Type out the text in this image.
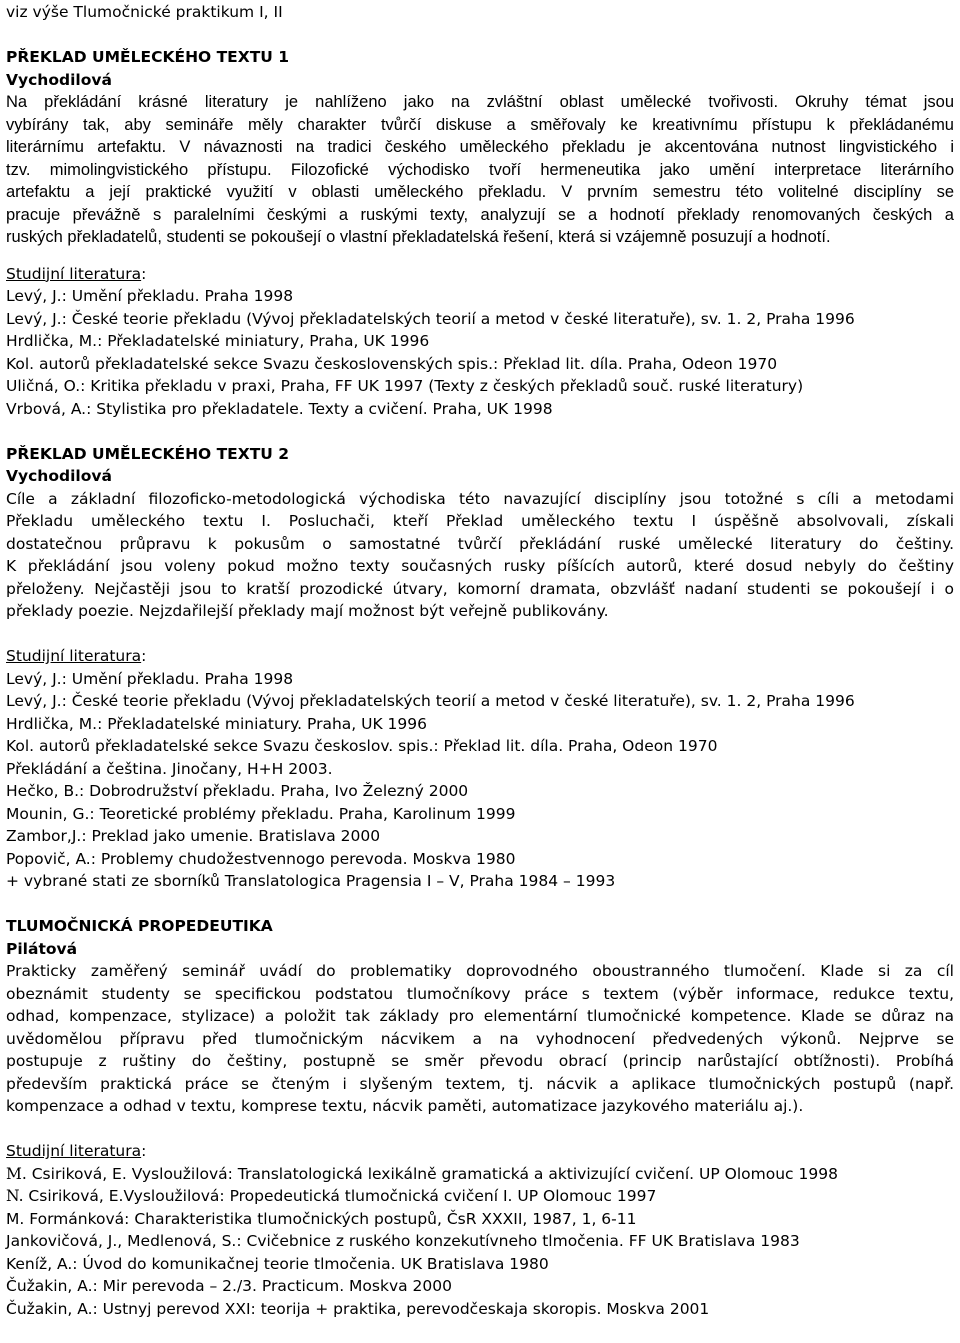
viz výše Tlumočnické praktikum I, II

PŘEKLAD UMĚLECKÉHO TEXTU 1

Vychodilová

Na překládání krásné literatury je nahlíženo jako na zvláštní oblast umělecké tvořivosti. Okruhy témat jsou

vybírány tak, aby semináře měly charakter tvůrčí diskuse a směřovaly ke kreativnímu přístupu k překládanému

literárnímu artefaktu. V návaznosti na tradici českého uměleckého překladu je akcentována nutnost lingvistického i

tzv. mimolingvistického přístupu. Filozofické východisko tvoří hermeneutika jako umění interpretace literárního

artefaktu a její praktické využití v oblasti uměleckého překladu. V prvním semestru této volitelné disciplíny se

pracuje převážně s paralelními českými a ruskými texty, analyzují se a hodnotí překlady renomovaných českých a

ruských překladatelů, studenti se pokoušejí o vlastní překladatelská řešení, která si vzájemně posuzují a hodnotí.

Studijní literatura:

Levý, J.: Umění překladu. Praha 1998

Levý, J.: České teorie překladu (Vývoj překladatelských teorií a metod v české literatuře), sv. 1. 2, Praha 1996

Hrdlička, M.: Překladatelské miniatury, Praha, UK 1996

Kol. autorů překladatelské sekce Svazu československých spis.: Překlad lit. díla. Praha, Odeon 1970

Uličná, O.: Kritika překladu v praxi, Praha, FF UK 1997 (Texty z českých překladů souč. ruské literatury)

Vrbová, A.: Stylistika pro překladatele. Texty a cvičení. Praha, UK 1998

PŘEKLAD UMĚLECKÉHO TEXTU 2

Vychodilová

Cíle a základní filozoficko-metodologická východiska této navazující disciplíny jsou totožné s cíli a metodami

Překladu uměleckého textu I. Posluchači, kteří Překlad uměleckého textu I úspěšně absolvovali, získali

dostatečnou průpravu k pokusům o samostatné tvůrčí překládání ruské umělecké literatury do češtiny.

K překládání jsou voleny pokud možno texty současných rusky píšících autorů, které dosud nebyly do češtiny

přeloženy. Nejčastěji jsou to kratší prozodické útvary, komorní dramata, obzvlášť nadaní studenti se pokoušejí i o

překlady poezie. Nejzdařilejší překlady mají možnost být veřejně publikovány.

Studijní literatura:

Levý, J.: Umění překladu. Praha 1998

Levý, J.: České teorie překladu (Vývoj překladatelských teorií a metod v české literatuře), sv. 1. 2, Praha 1996

Hrdlička, M.: Překladatelské miniatury. Praha, UK 1996

Kol. autorů překladatelské sekce Svazu českoslov. spis.: Překlad lit. díla. Praha, Odeon 1970

Překládání a čeština. Jinočany, H+H 2003.

Hečko, B.: Dobrodružství překladu. Praha, Ivo Železný 2000

Mounin, G.: Teoretické problémy překladu. Praha, Karolinum 1999

Zambor,J.: Preklad jako umenie. Bratislava 2000

Popovič, A.: Problemy chudožestvennogo perevoda. Moskva 1980

+ vybrané stati ze sborníků Translatologica Pragensia I – V, Praha 1984 – 1993

TLUMOČNICKÁ PROPEDEUTIKA

Pilátová

Prakticky zaměřený seminář uvádí do problematiky doprovodného oboustranného tlumočení. Klade si za cíl

obeznámit studenty se specifickou podstatou tlumočníkovy práce s textem (výběr informace, redukce textu,

odhad, kompenzace, stylizace) a položit tak základy pro elementární tlumočnické kompetence. Klade se důraz na

uvědomělou přípravu před tlumočnickým nácvikem a na vyhodnocení předvedených výkonů. Nejprve se

postupuje z ruštiny do češtiny, postupně se směr převodu obrací (princip narůstající obtížnosti). Probíhá

především praktická práce se čteným i slyšeným textem, tj. nácvik a aplikace tlumočnických postupů (např.

kompenzace a odhad v textu, komprese textu, nácvik paměti, automatizace jazykového materiálu aj.).

Studijní literatura:

M. Csiriková, E. Vysloužilová: Translatologická lexikálně gramatická a aktivizující cvičení. UP Olomouc 1998

N. Csiriková, E.Vysloužilová: Propedeutická tlumočnická cvičení I. UP Olomouc 1997

M. Formánková: Charakteristika tlumočnických postupů, ČsR XXXII, 1987, 1, 6-11

Jankovičová, J., Medlenová, S.: Cvičebnice z ruského konzekutívneho tlmočenia. FF UK Bratislava 1983

Keníž, A.: Úvod do komunikačnej teorie tlmočenia. UK Bratislava 1980

Čužakin, A.: Mir perevoda – 2./3. Practicum. Moskva 2000

Čužakin, A.: Ustnyj perevod XXI: teorija + praktika, perevodčeskaja skoropis. Moskva 2001
